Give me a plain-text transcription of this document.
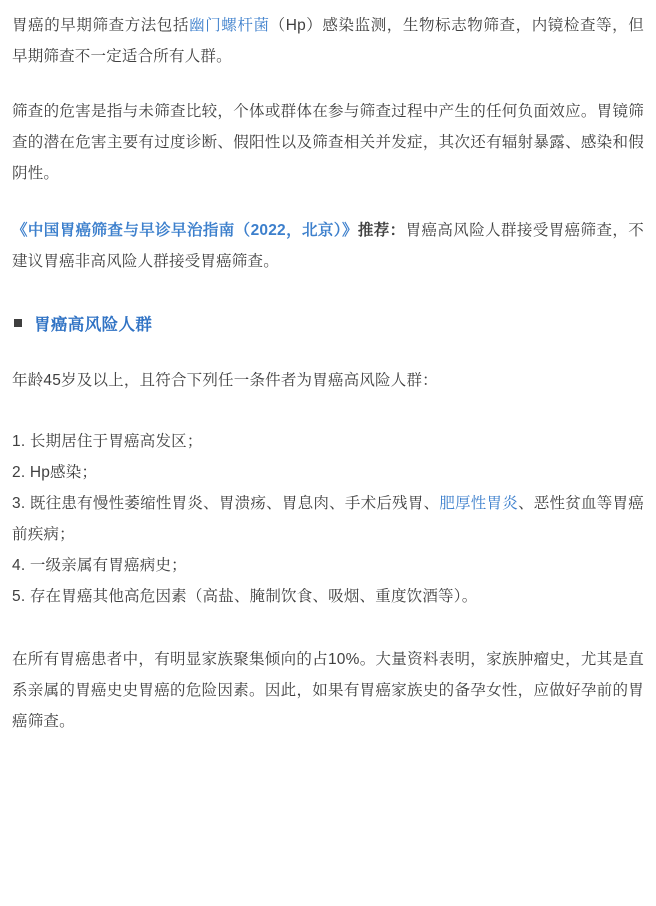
胃癌的早期筛查方法包括幽门螺杆菌（Hp）感染监测，生物标志物筛查，内镜检查等，但早期筛查不一定适合所有人群。

筛查的危害是指与未筛查比较，个体或群体在参与筛查过程中产生的任何负面效应。胃镜筛查的潜在危害主要有过度诊断、假阳性以及筛查相关并发症，其次还有辐射暴露、感染和假阴性。

《中国胃癌筛查与早诊早治指南（2022，北京）》推荐：胃癌高风险人群接受胃癌筛查，不建议胃癌非高风险人群接受胃癌筛查。

胃癌高风险人群

年龄45岁及以上，且符合下列任一条件者为胃癌高风险人群：

1. 长期居住于胃癌高发区；

2. Hp感染；

3. 既往患有慢性萎缩性胃炎、胃溃疡、胃息肉、手术后残胃、肥厚性胃炎、恶性贫血等胃癌前疾病；

4. 一级亲属有胃癌病史；

5. 存在胃癌其他高危因素（高盐、腌制饮食、吸烟、重度饮酒等）。

在所有胃癌患者中，有明显家族聚集倾向的占10%。大量资料表明，家族肿瘤史，尤其是直系亲属的胃癌史史胃癌的危险因素。因此，如果有胃癌家族史的备孕女性，应做好孕前的胃癌筛查。
